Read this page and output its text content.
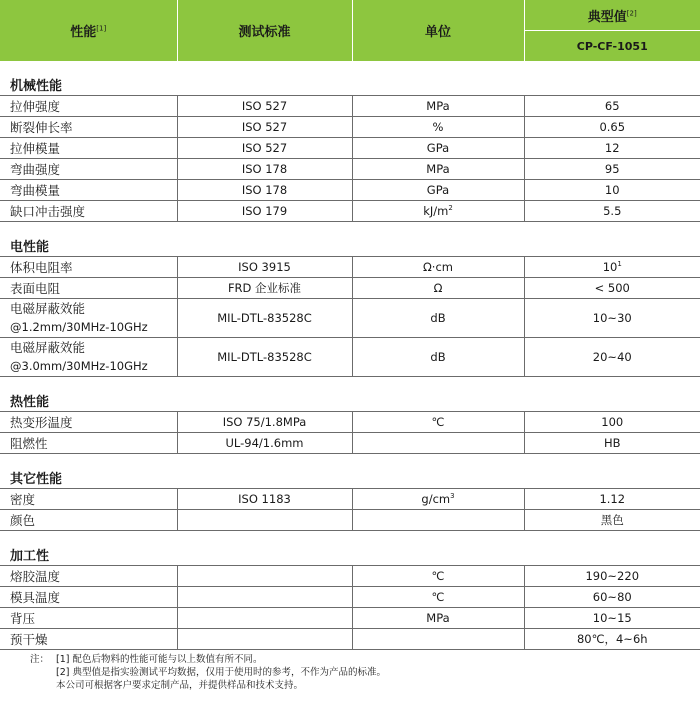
性能[1]	测试标准	单位	典型值[2]
			CP-CF-1051

机械性能			

拉伸强度	ISO 527	MPa	65

断裂伸长率	ISO 527	%	0.65

拉伸模量	ISO 527	GPa	12

弯曲强度	ISO 178	MPa	95

弯曲模量	ISO 178	GPa	10

缺口冲击强度	ISO 179	$kJ/m^2$	5.5

电性能			

体积电阻率	ISO 3915	Ω·cm	$10^1$

表面电阻	FRD 企业标准	Ω	< 500

电磁屏蔽效能
@1.2mm/30MHz-10GHz	MIL-DTL-83528C	dB	10~30

电磁屏蔽效能
@3.0mm/30MHz-10GHz	MIL-DTL-83528C	dB	20~40

热性能			

热变形温度	ISO 75/1.8MPa	℃	100

阻燃性	UL-94/1.6mm		HB

其它性能			

密度	ISO 1183	$g/cm^3$	1.12

颜色			黑色

加工性			

熔胶温度		℃	190~220

模具温度		℃	60~80

背压		MPa	10~15

预干燥			80℃，4~6h
注： [1] 配色后物料的性能可能与以上数值有所不同。
[2] 典型值是指实验测试平均数据，仅用于使用时的参考，不作为产品的标准。
本公司可根据客户要求定制产品，并提供样品和技术支持。
